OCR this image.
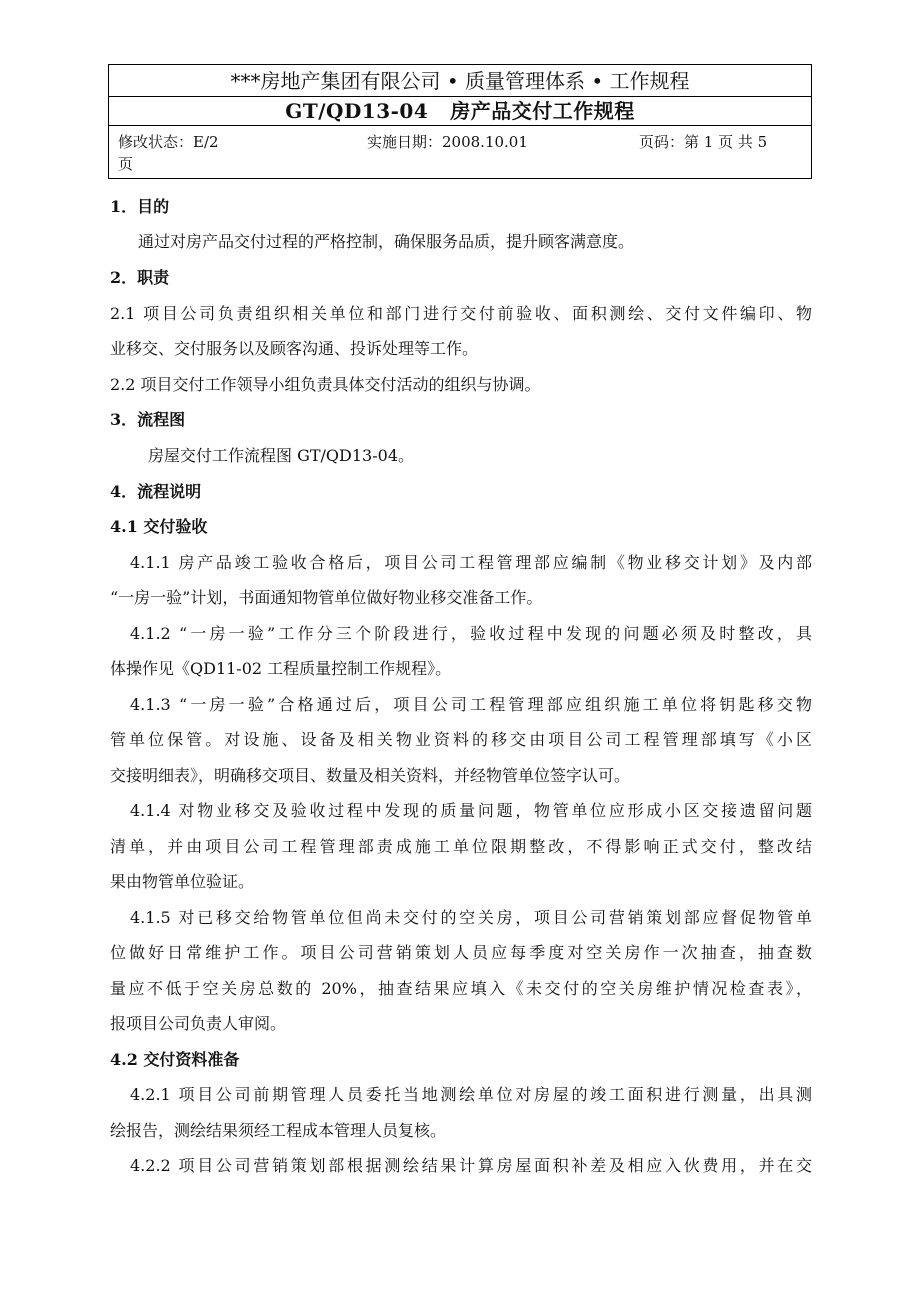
***房地产集团有限公司 • 质量管理体系 • 工作规程
GT/QD13-04 房产品交付工作规程
修改状态：E/2	实施日期：2008.10.01	页码：第 1 页 共 5
页
1．目的
通过对房产品交付过程的严格控制，确保服务品质，提升顾客满意度。
2．职责
2.1 项目公司负责组织相关单位和部门进行交付前验收、面积测绘、交付文件编印、物
业移交、交付服务以及顾客沟通、投诉处理等工作。
2.2 项目交付工作领导小组负责具体交付活动的组织与协调。
3．流程图
房屋交付工作流程图 GT/QD13-04。
4．流程说明
4.1 交付验收
4.1.1 房产品竣工验收合格后，项目公司工程管理部应编制《物业移交计划》及内部
“一房一验”计划，书面通知物管单位做好物业移交准备工作。
4.1.2 “一房一验”工作分三个阶段进行，验收过程中发现的问题必须及时整改，具
体操作见《QD11-02 工程质量控制工作规程》。
4.1.3 “一房一验”合格通过后，项目公司工程管理部应组织施工单位将钥匙移交物
管单位保管。对设施、设备及相关物业资料的移交由项目公司工程管理部填写《小区
交接明细表》，明确移交项目、数量及相关资料，并经物管单位签字认可。
4.1.4 对物业移交及验收过程中发现的质量问题，物管单位应形成小区交接遗留问题
清单，并由项目公司工程管理部责成施工单位限期整改，不得影响正式交付，整改结
果由物管单位验证。
4.1.5 对已移交给物管单位但尚未交付的空关房，项目公司营销策划部应督促物管单
位做好日常维护工作。项目公司营销策划人员应每季度对空关房作一次抽查，抽查数
量应不低于空关房总数的 20%，抽查结果应填入《未交付的空关房维护情况检查表》，
报项目公司负责人审阅。
4.2 交付资料准备
4.2.1 项目公司前期管理人员委托当地测绘单位对房屋的竣工面积进行测量，出具测
绘报告，测绘结果须经工程成本管理人员复核。
4.2.2 项目公司营销策划部根据测绘结果计算房屋面积补差及相应入伙费用，并在交
